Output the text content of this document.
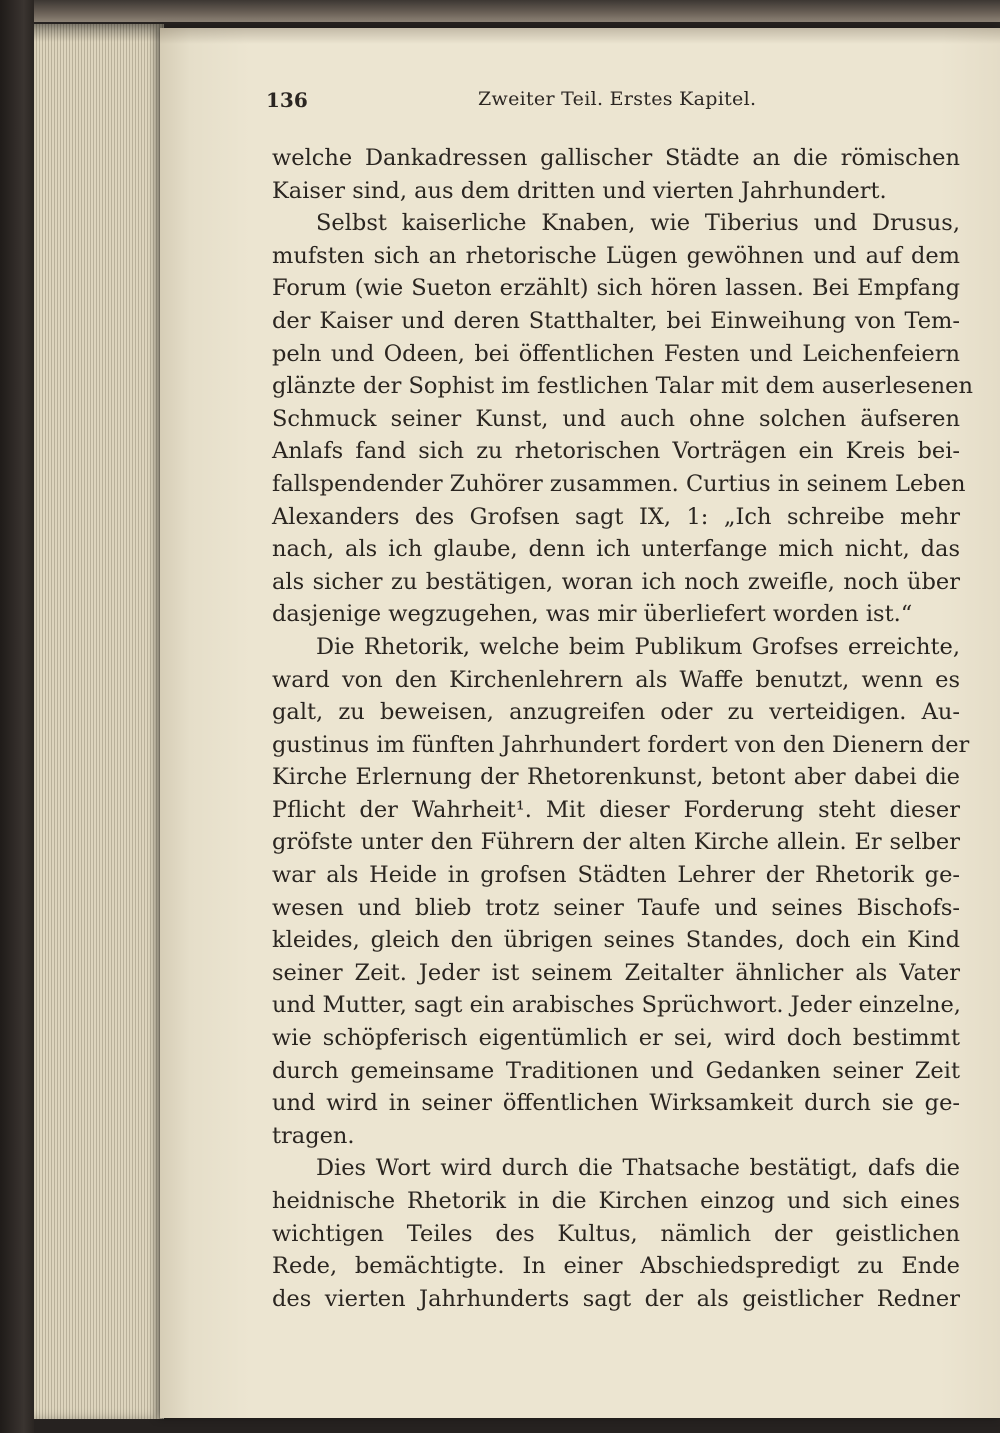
136	Zweiter Teil. Erstes Kapitel.
welche Dankadressen gallischer Städte an die römischen
Kaiser sind, aus dem dritten und vierten Jahrhundert.
Selbst kaiserliche Knaben, wie Tiberius und Drusus,
mufsten sich an rhetorische Lügen gewöhnen und auf dem
Forum (wie Sueton erzählt) sich hören lassen. Bei Empfang
der Kaiser und deren Statthalter, bei Einweihung von Tem-
peln und Odeen, bei öffentlichen Festen und Leichenfeiern
glänzte der Sophist im festlichen Talar mit dem auserlesenen
Schmuck seiner Kunst, und auch ohne solchen äufseren
Anlafs fand sich zu rhetorischen Vorträgen ein Kreis bei-
fallspendender Zuhörer zusammen. Curtius in seinem Leben
Alexanders des Grofsen sagt IX, 1: „Ich schreibe mehr
nach, als ich glaube, denn ich unterfange mich nicht, das
als sicher zu bestätigen, woran ich noch zweifle, noch über
dasjenige wegzugehen, was mir überliefert worden ist.“
Die Rhetorik, welche beim Publikum Grofses erreichte,
ward von den Kirchenlehrern als Waffe benutzt, wenn es
galt, zu beweisen, anzugreifen oder zu verteidigen. Au-
gustinus im fünften Jahrhundert fordert von den Dienern der
Kirche Erlernung der Rhetorenkunst, betont aber dabei die
Pflicht der Wahrheit¹. Mit dieser Forderung steht dieser
gröfste unter den Führern der alten Kirche allein. Er selber
war als Heide in grofsen Städten Lehrer der Rhetorik ge-
wesen und blieb trotz seiner Taufe und seines Bischofs-
kleides, gleich den übrigen seines Standes, doch ein Kind
seiner Zeit. Jeder ist seinem Zeitalter ähnlicher als Vater
und Mutter, sagt ein arabisches Sprüchwort. Jeder einzelne,
wie schöpferisch eigentümlich er sei, wird doch bestimmt
durch gemeinsame Traditionen und Gedanken seiner Zeit
und wird in seiner öffentlichen Wirksamkeit durch sie ge-
tragen.
Dies Wort wird durch die Thatsache bestätigt, dafs die
heidnische Rhetorik in die Kirchen einzog und sich eines
wichtigen Teiles des Kultus, nämlich der geistlichen
Rede, bemächtigte. In einer Abschiedspredigt zu Ende
des vierten Jahrhunderts sagt der als geistlicher Redner
